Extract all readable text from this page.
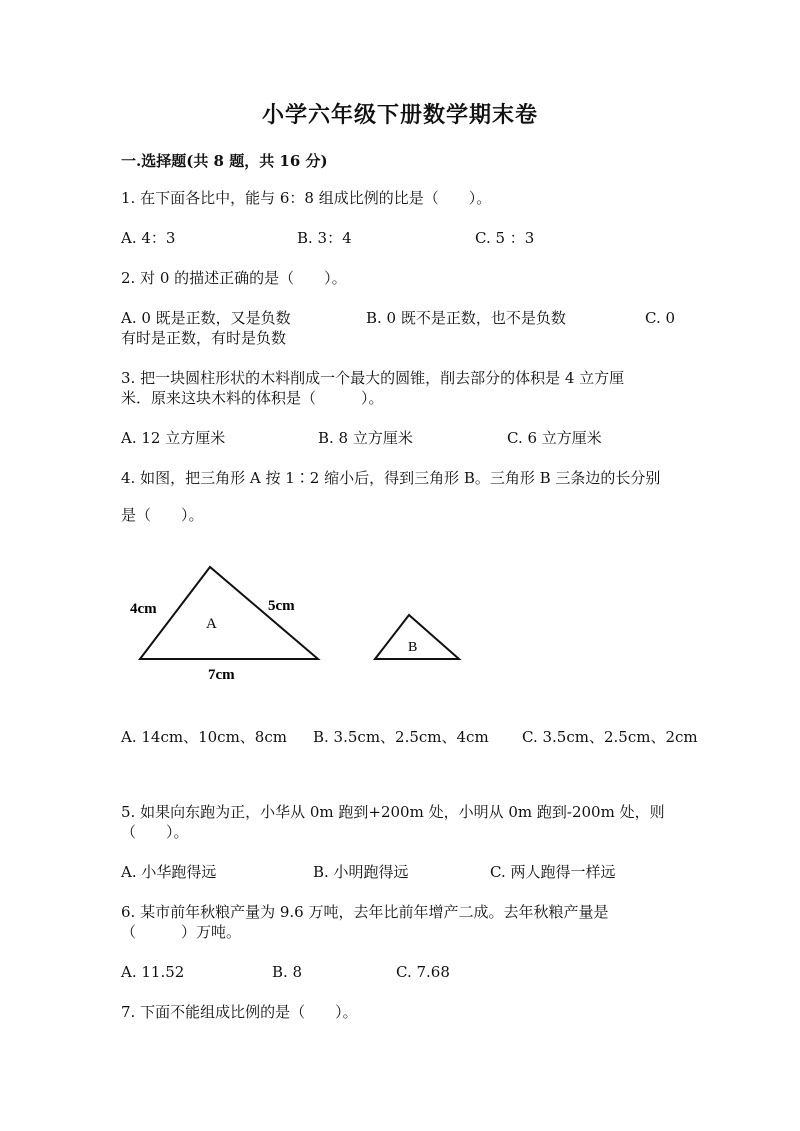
小学六年级下册数学期末卷
一.选择题(共 8 题，共 16 分)
1. 在下面各比中，能与 6：8 组成比例的比是（　　）。
A. 4：3	B. 3：4	C. 5 ：3
2. 对 0 的描述正确的是（　　）。
A. 0 既是正数，又是负数	B. 0 既不是正数，也不是负数	C. 0
有时是正数，有时是负数
3. 把一块圆柱形状的木料削成一个最大的圆锥，削去部分的体积是 4 立方厘
米．原来这块木料的体积是（　　　）。
A. 12 立方厘米	B. 8 立方厘米	C. 6 立方厘米
4. 如图，把三角形 A 按 1∶2 缩小后，得到三角形 B。三角形 B 三条边的长分别
是（　　）。
4cm	5cm
7cm
A
B
A. 14cm、10cm、8cm B. 3.5cm、2.5cm、4cm C. 3.5cm、2.5cm、2cm
5. 如果向东跑为正，小华从 0m 跑到+200m 处，小明从 0m 跑到-200m 处，则
（　　）。
A. 小华跑得远	B. 小明跑得远	C. 两人跑得一样远
6. 某市前年秋粮产量为 9.6 万吨，去年比前年增产二成。去年秋粮产量是
（　　　）万吨。
A. 11.52	B. 8	C. 7.68
7. 下面不能组成比例的是（　　）。
